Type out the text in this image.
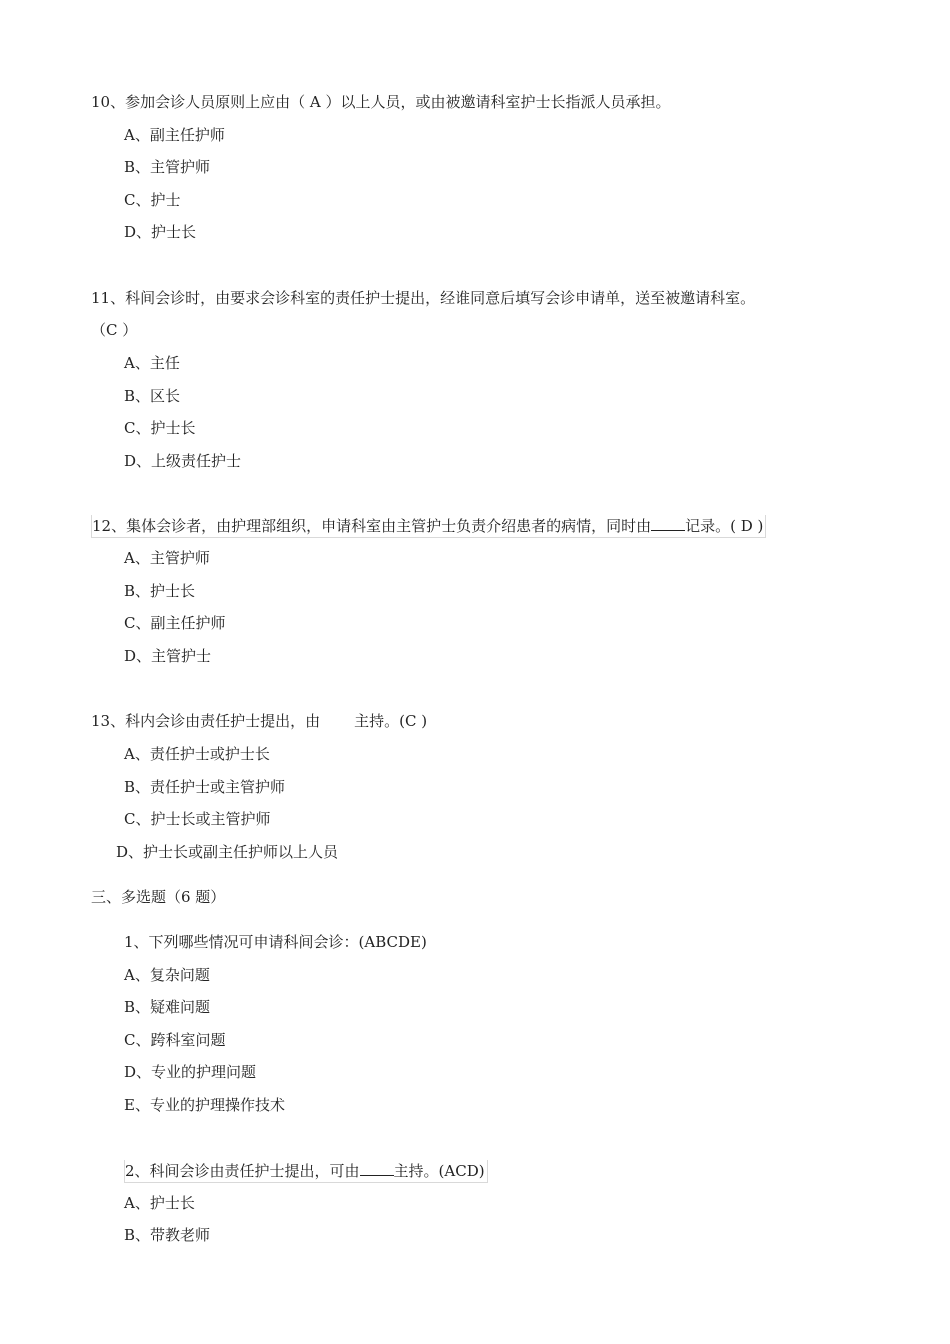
10、参加会诊人员原则上应由（ A ）以上人员，或由被邀请科室护士长指派人员承担。
A、副主任护师
B、主管护师
C、护士
D、护士长
11、科间会诊时，由要求会诊科室的责任护士提出，经谁同意后填写会诊申请单，送至被邀请科室。
（C ）
A、主任
B、区长
C、护士长
D、上级责任护士
12、集体会诊者，由护理部组织，申请科室由主管护士负责介绍患者的病情，同时由 记录。( D )
A、主管护师
B、护士长
C、副主任护师
D、主管护士
13、科内会诊由责任护士提出，由 主持。(C )
A、责任护士或护士长
B、责任护士或主管护师
C、护士长或主管护师
D、护士长或副主任护师以上人员
三、多选题（6 题）
1、下列哪些情况可申请科间会诊：(ABCDE)
A、复杂问题
B、疑难问题
C、跨科室问题
D、专业的护理问题
E、专业的护理操作技术
2、科间会诊由责任护士提出，可由 主持。(ACD)
A、护士长
B、带教老师
